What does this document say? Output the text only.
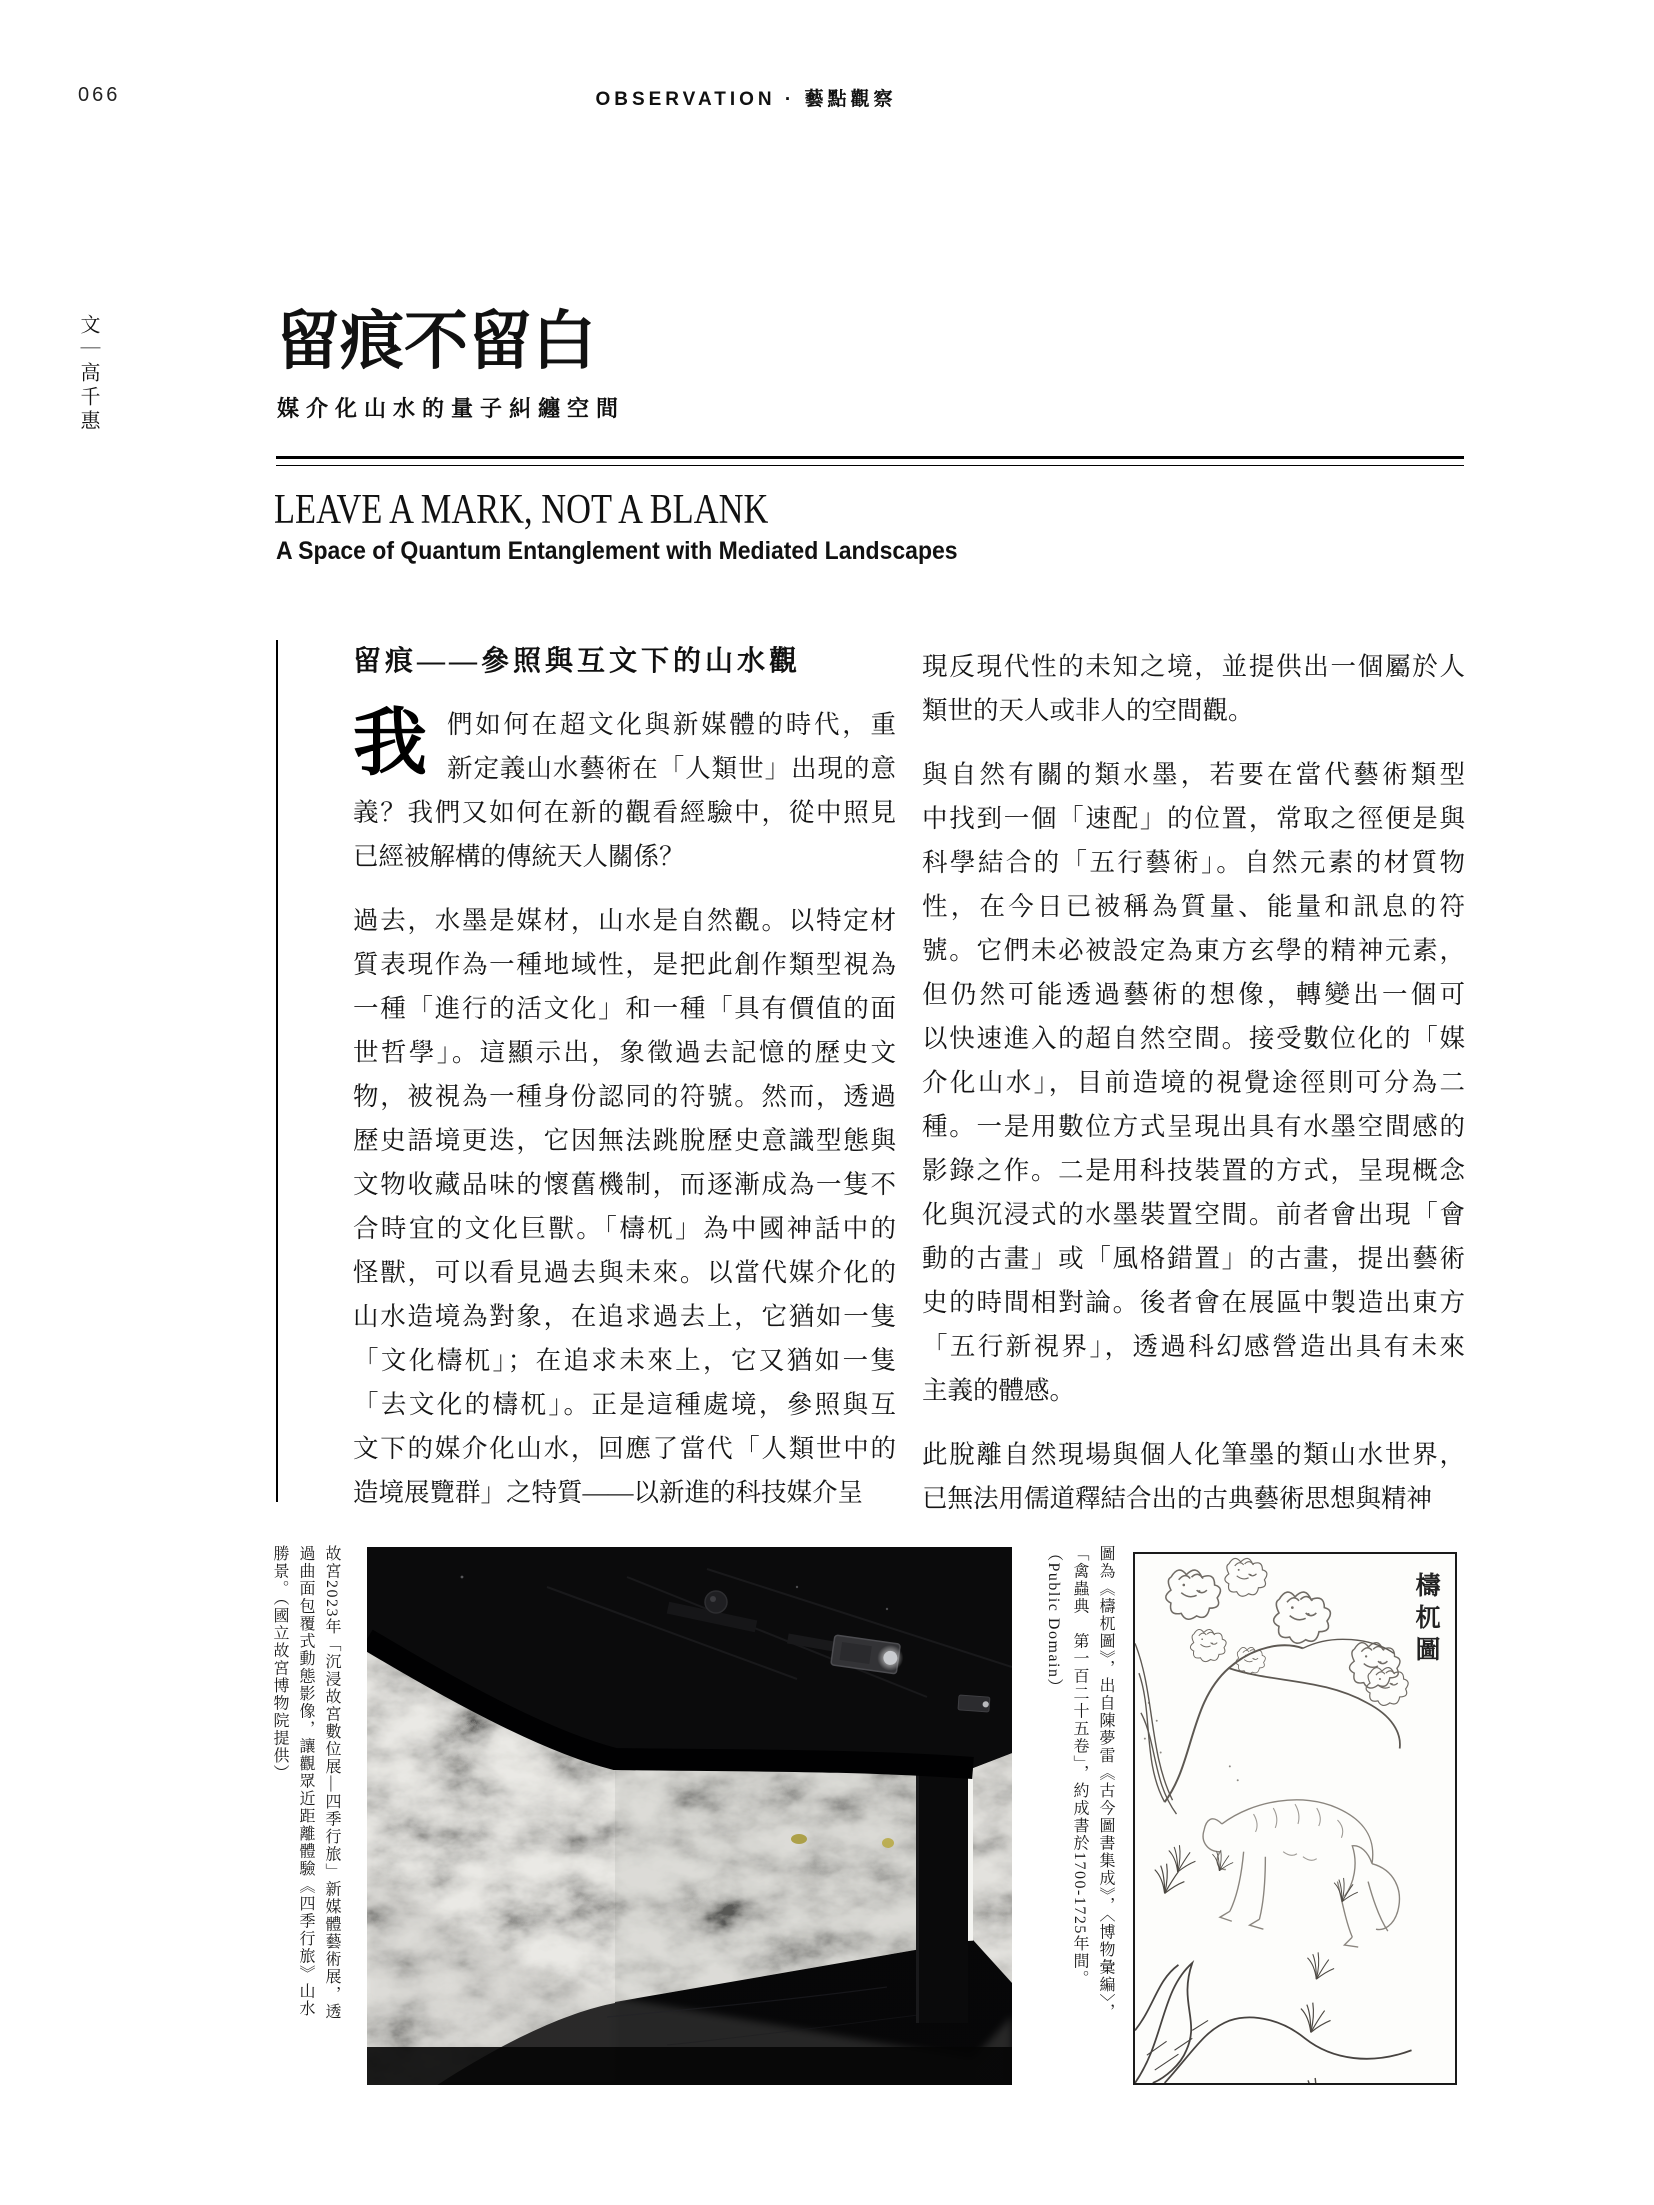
066	OBSERVATION · 藝點觀察
文｜高千惠	留痕不留白
媒介化山水的量子糾纏空間
LEAVE A MARK, NOT A BLANK
A Space of Quantum Entanglement with Mediated Landscapes
留痕——參照與互文下的山水觀
我 們如何在超文化與新媒體的時代，重
新定義山水藝術在「人類世」出現的意
義？我們又如何在新的觀看經驗中，從中照見
已經被解構的傳統天人關係？
過去，水墨是媒材，山水是自然觀。以特定材
質表現作為一種地域性，是把此創作類型視為
一種「進行的活文化」和一種「具有價值的面
世哲學」。這顯示出，象徵過去記憶的歷史文
物，被視為一種身份認同的符號。然而，透過
歷史語境更迭，它因無法跳脫歷史意識型態與
文物收藏品味的懷舊機制，而逐漸成為一隻不
合時宜的文化巨獸。「檮杌」為中國神話中的
怪獸，可以看見過去與未來。以當代媒介化的
山水造境為對象，在追求過去上，它猶如一隻
「文化檮杌」；在追求未來上，它又猶如一隻
「去文化的檮杌」。正是這種處境，參照與互
文下的媒介化山水，回應了當代「人類世中的
造境展覽群」之特質——以新進的科技媒介呈
現反現代性的未知之境，並提供出一個屬於人
類世的天人或非人的空間觀。
與自然有關的類水墨，若要在當代藝術類型
中找到一個「速配」的位置，常取之徑便是與
科學結合的「五行藝術」。自然元素的材質物
性，在今日已被稱為質量、能量和訊息的符
號。它們未必被設定為東方玄學的精神元素，
但仍然可能透過藝術的想像，轉變出一個可
以快速進入的超自然空間。接受數位化的「媒
介化山水」，目前造境的視覺途徑則可分為二
種。一是用數位方式呈現出具有水墨空間感的
影錄之作。二是用科技裝置的方式，呈現概念
化與沉浸式的水墨裝置空間。前者會出現「會
動的古畫」或「風格錯置」的古畫，提出藝術
史的時間相對論。後者會在展區中製造出東方
「五行新視界」，透過科幻感營造出具有未來
主義的體感。
此脫離自然現場與個人化筆墨的類山水世界，
已無法用儒道釋結合出的古典藝術思想與精神
故宮2023年「沉浸故宮數位展—四季行旅」新媒體藝術展，透
過曲面包覆式動態影像，讓觀眾近距離體驗《四季行旅》山水
勝景。（國立故宮博物院提供）	圖為《檮杌圖》，出自陳夢雷《古今圖書集成》，〈博物彙編〉，
「禽蟲典　第一百二十五卷」，約成書於1700-1725年間。
（Public Domain）	檮杌圖
